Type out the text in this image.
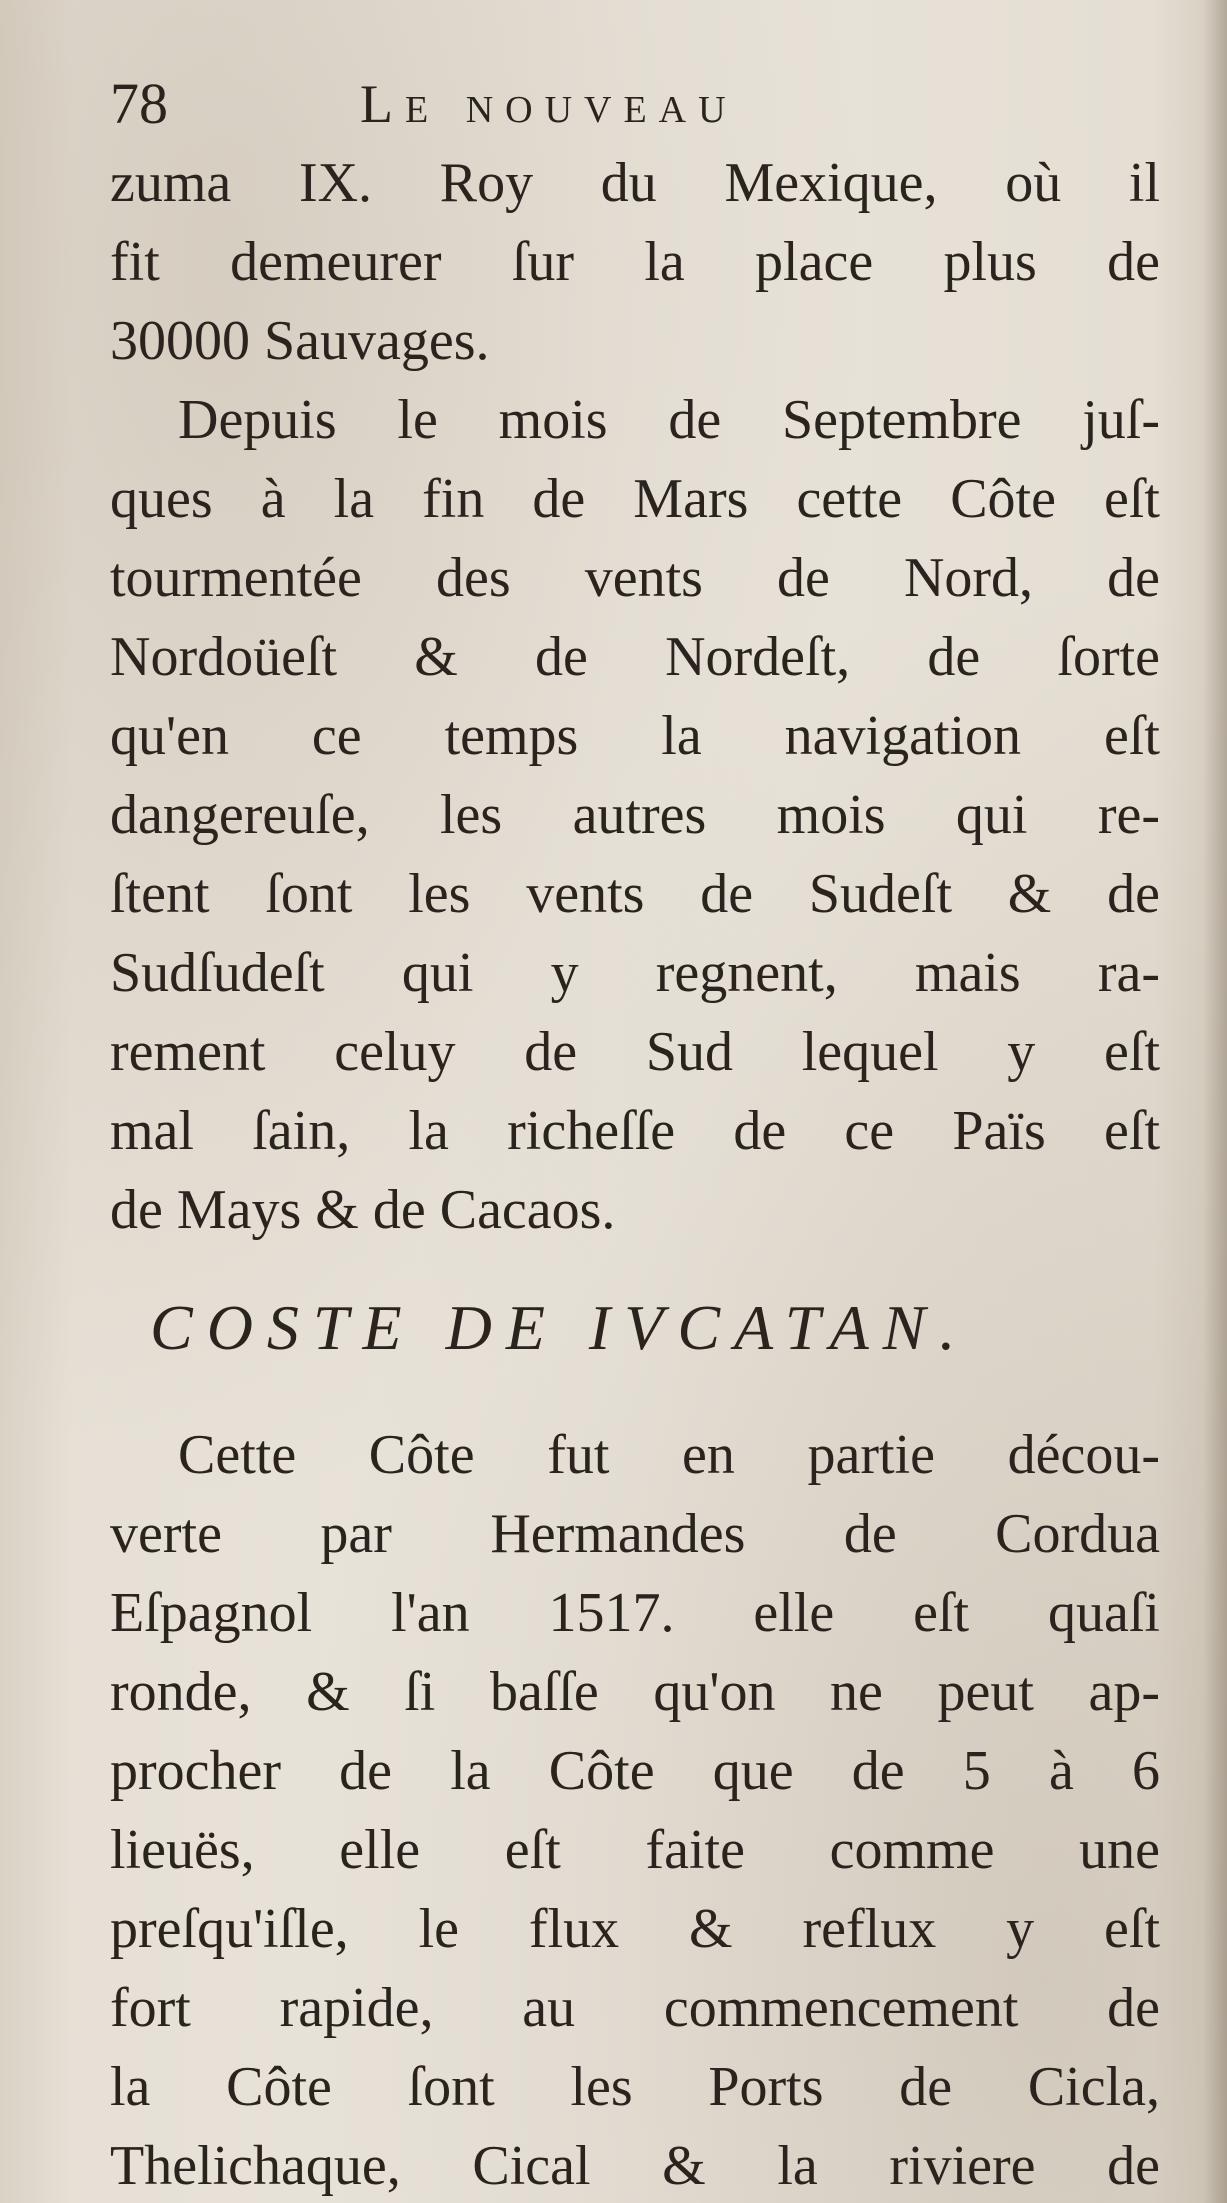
78	Le nouveau
zuma IX. Roy du Mexique, où il
fit demeurer ſur la place plus de
30000 Sauvages.
Depuis le mois de Septembre juſ-
ques à la fin de Mars cette Côte eſt
tourmentée des vents de Nord, de
Nordoüeſt & de Nordeſt, de ſorte
qu'en ce temps la navigation eſt
dangereuſe, les autres mois qui re-
ſtent ſont les vents de Sudeſt & de
Sudſudeſt qui y regnent, mais ra-
rement celuy de Sud lequel y eſt
mal ſain, la richeſſe de ce Païs eſt
de Mays & de Cacaos.
COSTE DE IVCATAN.
Cette Côte fut en partie décou-
verte par Hermandes de Cordua
Eſpagnol l'an 1517. elle eſt quaſi
ronde, & ſi baſſe qu'on ne peut ap-
procher de la Côte que de 5 à 6
lieuës, elle eſt faite comme une
preſqu'iſle, le flux & reflux y eſt
fort rapide, au commencement de
la Côte ſont les Ports de Cicla,
Thelichaque, Cical & la riviere de
